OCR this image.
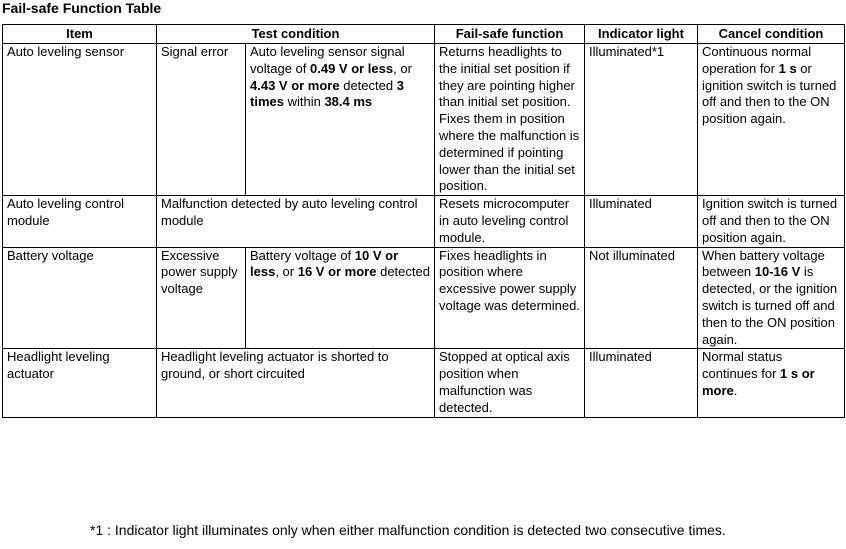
Fail-safe Function Table
Item	Test condition		Fail-safe function	Indicator light	Cancel condition
Auto leveling sensor	Signal error	Auto leveling sensor signal voltage of 0.49 V or less, or 4.43 V or more detected 3 times within 38.4 ms	Returns headlights to the initial set position if they are pointing higher than initial set position. Fixes them in position where the malfunction is determined if pointing lower than the initial set position.	Illuminated*1	Continuous normal operation for 1 s or ignition switch is turned off and then to the ON position again.
Auto leveling control module	Malfunction detected by auto leveling control module		Resets microcomputer in auto leveling control module.	Illuminated	Ignition switch is turned off and then to the ON position again.
Battery voltage	Excessive power supply voltage	Battery voltage of 10 V or less, or 16 V or more detected	Fixes headlights in position where excessive power supply voltage was determined.	Not illuminated	When battery voltage between 10-16 V is detected, or the ignition switch is turned off and then to the ON position again.
Headlight leveling actuator	Headlight leveling actuator is shorted to ground, or short circuited		Stopped at optical axis position when malfunction was detected.	Illuminated	Normal status continues for 1 s or more.
*1 : Indicator light illuminates only when either malfunction condition is detected two consecutive times.
